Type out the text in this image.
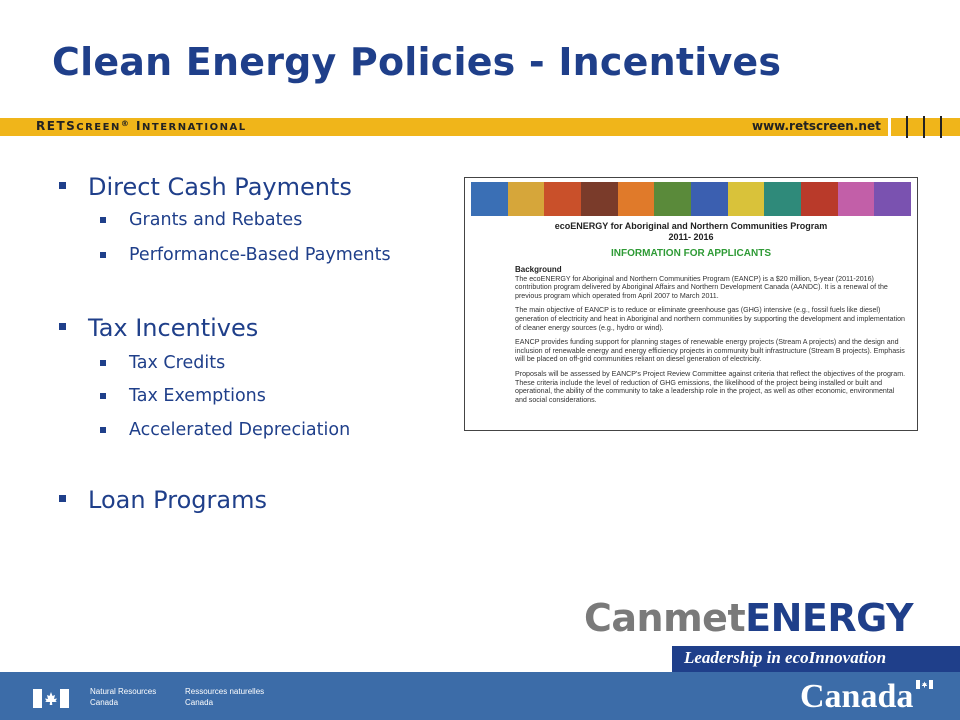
Clean Energy Policies - Incentives
RETSCREEN® INTERNATIONAL	www.retscreen.net
Direct Cash Payments
Grants and Rebates
Performance-Based Payments
Tax Incentives
Tax Credits
Tax Exemptions
Accelerated Depreciation
Loan Programs
ecoENERGY for Aboriginal and Northern Communities Program
2011- 2016
INFORMATION FOR APPLICANTS
Background

The ecoENERGY for Aboriginal and Northern Communities Program (EANCP) is a $20 million, 5-year (2011-2016) contribution program delivered by Aboriginal Affairs and Northern Development Canada (AANDC). It is a renewal of the previous program which operated from April 2007 to March 2011.

The main objective of EANCP is to reduce or eliminate greenhouse gas (GHG) intensive (e.g., fossil fuels like diesel) generation of electricity and heat in Aboriginal and northern communities by supporting the development and implementation of cleaner energy sources (e.g., hydro or wind).

EANCP provides funding support for planning stages of renewable energy projects (Stream A projects) and the design and inclusion of renewable energy and energy efficiency projects in community built infrastructure (Stream B projects). Emphasis will be placed on off-grid communities reliant on diesel generation of electricity.

Proposals will be assessed by EANCP's Project Review Committee against criteria that reflect the objectives of the program. These criteria include the level of reduction of GHG emissions, the likelihood of the project being installed or built and operational, the ability of the community to take a leadership role in the project, as well as other economic, environmental and social considerations.

CanmetENERGY
Leadership in ecoInnovation
Natural Resources
Canada
Ressources naturelles
Canada	Canada
